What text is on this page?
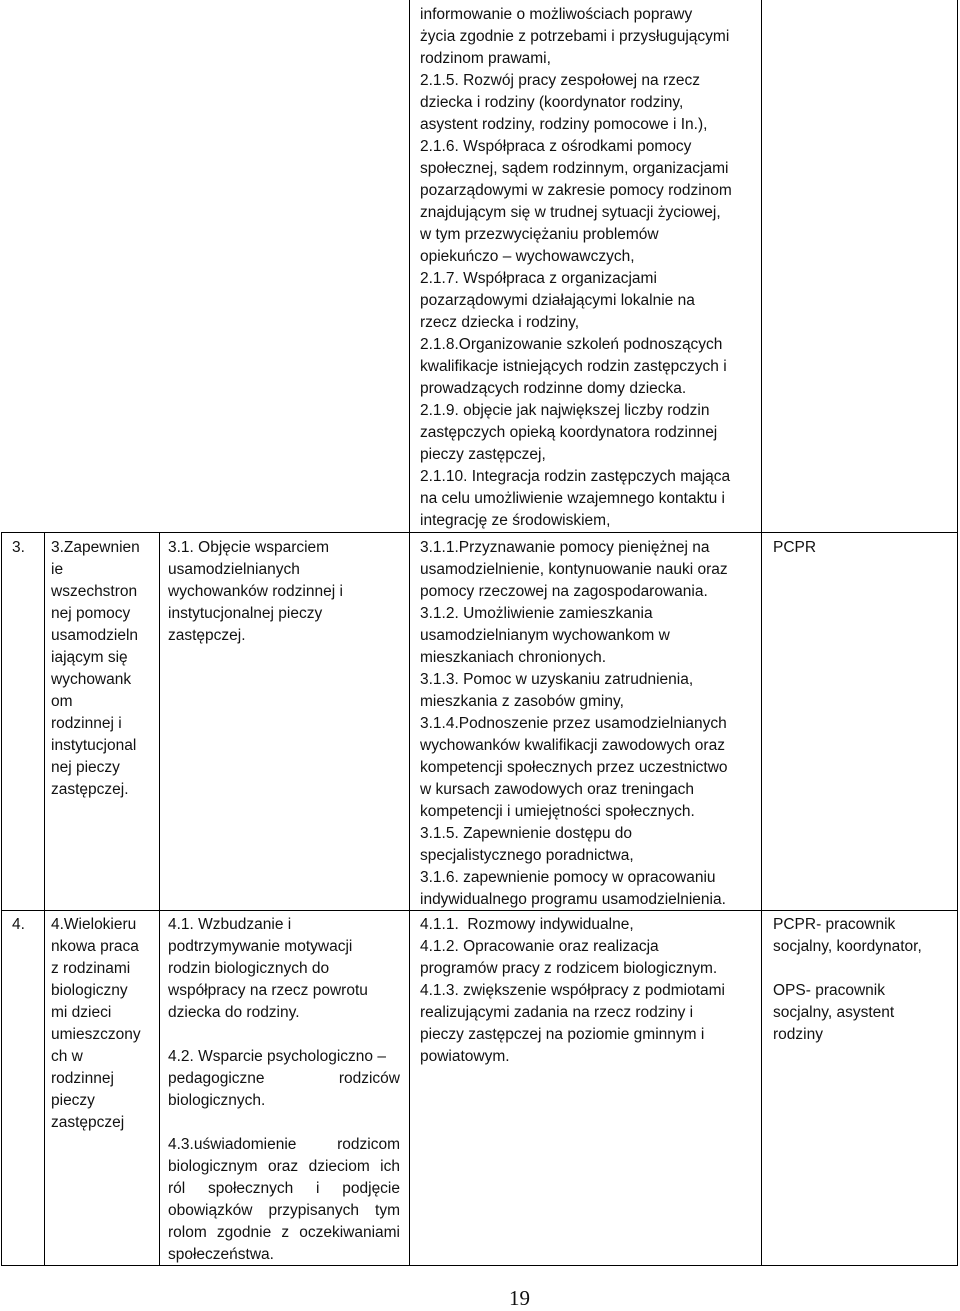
informowanie o możliwościach poprawy
życia zgodnie z potrzebami i przysługującymi
rodzinom prawami,
2.1.5. Rozwój pracy zespołowej na rzecz
dziecka i rodziny (koordynator rodziny,
asystent rodziny, rodziny pomocowe i In.),
2.1.6. Współpraca z ośrodkami pomocy
społecznej, sądem rodzinnym, organizacjami
pozarządowymi w zakresie pomocy rodzinom
znajdującym się w trudnej sytuacji życiowej,
w tym przezwyciężaniu problemów
opiekuńczo – wychowawczych,
2.1.7. Współpraca z organizacjami
pozarządowymi działającymi lokalnie na
rzecz dziecka i rodziny,
2.1.8.Organizowanie szkoleń podnoszących
kwalifikacje istniejących rodzin zastępczych i
prowadzących rodzinne domy dziecka.
2.1.9. objęcie jak największej liczby rodzin
zastępczych opieką koordynatora rodzinnej
pieczy zastępczej,
2.1.10. Integracja rodzin zastępczych mająca
na celu umożliwienie wzajemnego kontaktu i
integrację ze środowiskiem,
3. 3.Zapewnien
ie
wszechstron
nej pomocy
usamodzieln
iającym się
wychowank
om
rodzinnej i
instytucjonal
nej pieczy
zastępczej.
3.1. Objęcie wsparciem
usamodzielnianych
wychowanków rodzinnej i
instytucjonalnej pieczy
zastępczej.
3.1.1.Przyznawanie pomocy pieniężnej na
usamodzielnienie, kontynuowanie nauki oraz
pomocy rzeczowej na zagospodarowania.
3.1.2. Umożliwienie zamieszkania
usamodzielnianym wychowankom w
mieszkaniach chronionych.
3.1.3. Pomoc w uzyskaniu zatrudnienia,
mieszkania z zasobów gminy,
3.1.4.Podnoszenie przez usamodzielnianych
wychowanków kwalifikacji zawodowych oraz
kompetencji społecznych przez uczestnictwo
w kursach zawodowych oraz treningach
kompetencji i umiejętności społecznych.
3.1.5. Zapewnienie dostępu do
specjalistycznego poradnictwa,
3.1.6. zapewnienie pomocy w opracowaniu
indywidualnego programu usamodzielnienia.
PCPR
4. 4.Wielokieru
nkowa praca
z rodzinami
biologiczny
mi dzieci
umieszczony
ch w
rodzinnej
pieczy
zastępczej
4.1. Wzbudzanie i
podtrzymywanie motywacji
rodzin biologicznych do
współpracy na rzecz powrotu
dziecka do rodziny.
4.2. Wsparcie psychologiczno –
pedagogiczne rodziców
biologicznych.
4.3.uświadomienie rodzicom
biologicznym oraz dzieciom ich
ról społecznych i podjęcie
obowiązków przypisanych tym
rolom zgodnie z oczekiwaniami
społeczeństwa.
4.1.1.  Rozmowy indywidualne,
4.1.2. Opracowanie oraz realizacja
programów pracy z rodzicem biologicznym.
4.1.3. zwiększenie współpracy z podmiotami
realizującymi zadania na rzecz rodziny i
pieczy zastępczej na poziomie gminnym i
powiatowym.
PCPR- pracownik
socjalny, koordynator,
OPS- pracownik
socjalny, asystent
rodziny
19
